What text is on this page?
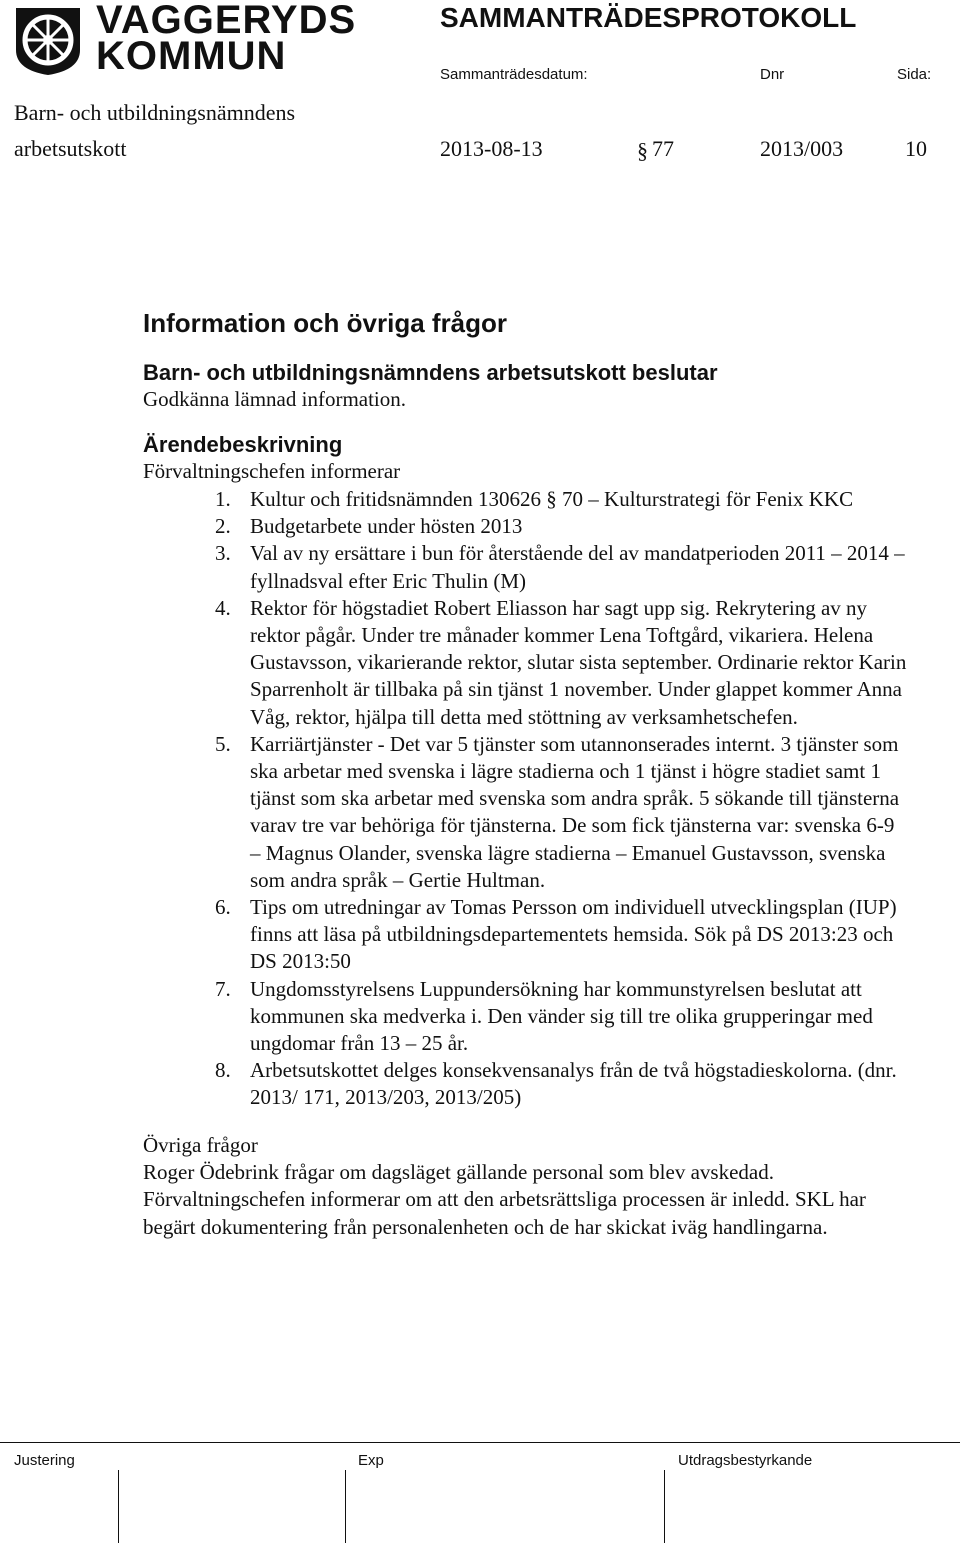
VAGGERYDS
KOMMUN
SAMMANTRÄDESPROTOKOLL
Sammanträdesdatum:	Dnr	Sida:
Barn- och utbildningsnämndens
arbetsutskott	2013-08-13	§ 77	2013/003	10
Information och övriga frågor
Barn- och utbildningsnämndens arbetsutskott beslutar

Godkänna lämnad information.

Ärendebeskrivning

Förvaltningschefen informerar

1. Kultur och fritidsnämnden 130626 § 70 – Kulturstrategi för Fenix KKC
2. Budgetarbete under hösten 2013
3. Val av ny ersättare i bun för återstående del av mandatperioden 2011 – 2014 – fyllnadsval efter Eric Thulin (M)
4. Rektor för högstadiet Robert Eliasson har sagt upp sig. Rekrytering av ny rektor pågår. Under tre månader kommer Lena Toftgård, vikariera. Helena Gustavsson, vikarierande rektor, slutar sista september. Ordinarie rektor Karin Sparrenholt är tillbaka på sin tjänst 1 november. Under glappet kommer Anna Våg, rektor, hjälpa till detta med stöttning av verksamhetschefen.
5. Karriärtjänster - Det var 5 tjänster som utannonserades internt. 3 tjänster som ska arbetar med svenska i lägre stadierna och 1 tjänst i högre stadiet samt 1 tjänst som ska arbetar med svenska som andra språk. 5 sökande till tjänsterna varav tre var behöriga för tjänsterna. De som fick tjänsterna var: svenska 6-9 – Magnus Olander, svenska lägre stadierna – Emanuel Gustavsson, svenska som andra språk – Gertie Hultman.
6. Tips om utredningar av Tomas Persson om individuell utvecklingsplan (IUP) finns att läsa på utbildningsdepartementets hemsida. Sök på DS 2013:23 och DS 2013:50
7. Ungdomsstyrelsens Luppundersökning har kommunstyrelsen beslutat att kommunen ska medverka i. Den vänder sig till tre olika grupperingar med ungdomar från 13 – 25 år.
8. Arbetsutskottet delges konsekvensanalys från de två högstadieskolorna. (dnr. 2013/ 171, 2013/203, 2013/205)
Övriga frågor

Roger Ödebrink frågar om dagsläget gällande personal som blev avskedad. Förvaltningschefen informerar om att den arbetsrättsliga processen är inledd. SKL har begärt dokumentering från personalenheten och de har skickat iväg handlingarna.

Justering	Exp	Utdragsbestyrkande
